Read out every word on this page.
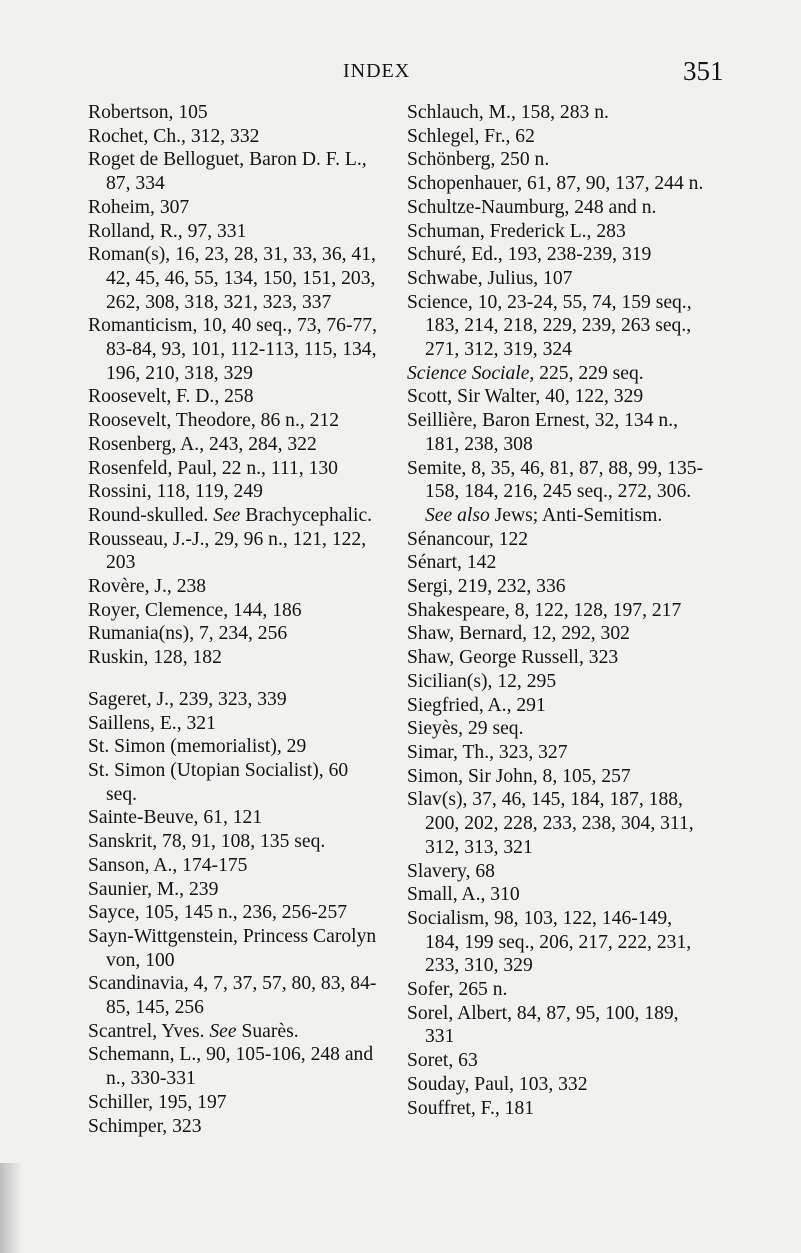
INDEX	351
Robertson, 105
Rochet, Ch., 312, 332
Roget de Belloguet, Baron D. F. L., 87, 334
Roheim, 307
Rolland, R., 97, 331
Roman(s), 16, 23, 28, 31, 33, 36, 41, 42, 45, 46, 55, 134, 150, 151, 203, 262, 308, 318, 321, 323, 337
Romanticism, 10, 40 seq., 73, 76-77, 83-84, 93, 101, 112-113, 115, 134, 196, 210, 318, 329
Roosevelt, F. D., 258
Roosevelt, Theodore, 86 n., 212
Rosenberg, A., 243, 284, 322
Rosenfeld, Paul, 22 n., 111, 130
Rossini, 118, 119, 249
Round-skulled. See Brachycephalic.
Rousseau, J.-J., 29, 96 n., 121, 122, 203
Rovère, J., 238
Royer, Clemence, 144, 186
Rumania(ns), 7, 234, 256
Ruskin, 128, 182
Sageret, J., 239, 323, 339
Saillens, E., 321
St. Simon (memorialist), 29
St. Simon (Utopian Socialist), 60 seq.
Sainte-Beuve, 61, 121
Sanskrit, 78, 91, 108, 135 seq.
Sanson, A., 174-175
Saunier, M., 239
Sayce, 105, 145 n., 236, 256-257
Sayn-Wittgenstein, Princess Carolyn von, 100
Scandinavia, 4, 7, 37, 57, 80, 83, 84-85, 145, 256
Scantrel, Yves. See Suarès.
Schemann, L., 90, 105-106, 248 and n., 330-331
Schiller, 195, 197
Schimper, 323
Schlauch, M., 158, 283 n.
Schlegel, Fr., 62
Schönberg, 250 n.
Schopenhauer, 61, 87, 90, 137, 244 n.
Schultze-Naumburg, 248 and n.
Schuman, Frederick L., 283
Schuré, Ed., 193, 238-239, 319
Schwabe, Julius, 107
Science, 10, 23-24, 55, 74, 159 seq., 183, 214, 218, 229, 239, 263 seq., 271, 312, 319, 324
Science Sociale, 225, 229 seq.
Scott, Sir Walter, 40, 122, 329
Seillière, Baron Ernest, 32, 134 n., 181, 238, 308
Semite, 8, 35, 46, 81, 87, 88, 99, 135-158, 184, 216, 245 seq., 272, 306. See also Jews; Anti-Semitism.
Sénancour, 122
Sénart, 142
Sergi, 219, 232, 336
Shakespeare, 8, 122, 128, 197, 217
Shaw, Bernard, 12, 292, 302
Shaw, George Russell, 323
Sicilian(s), 12, 295
Siegfried, A., 291
Sieyès, 29 seq.
Simar, Th., 323, 327
Simon, Sir John, 8, 105, 257
Slav(s), 37, 46, 145, 184, 187, 188, 200, 202, 228, 233, 238, 304, 311, 312, 313, 321
Slavery, 68
Small, A., 310
Socialism, 98, 103, 122, 146-149, 184, 199 seq., 206, 217, 222, 231, 233, 310, 329
Sofer, 265 n.
Sorel, Albert, 84, 87, 95, 100, 189, 331
Soret, 63
Souday, Paul, 103, 332
Souffret, F., 181
